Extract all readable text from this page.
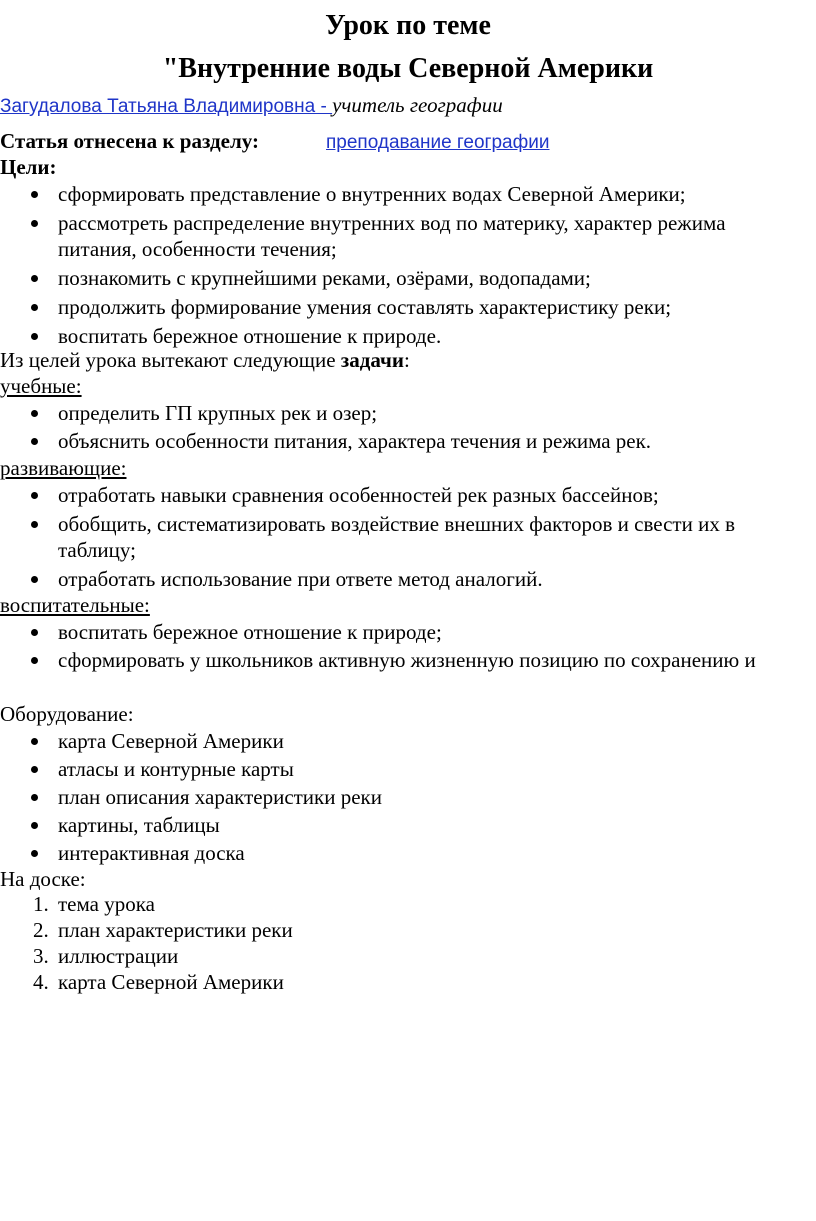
Урок по теме
"Внутренние воды Северной Америки
Загудалова Татьяна Владимировна - учитель географии
Статья отнесена к разделу:	преподавание географии
Цели:
сформировать представление о внутренних водах Северной Америки;
рассмотреть распределение внутренних вод по материку, характер режима питания, особенности течения;
познакомить с крупнейшими реками, озёрами, водопадами;
продолжить формирование умения составлять характеристику реки;
воспитать бережное отношение к природе.
Из целей урока вытекают следующие задачи:
учебные:
определить ГП крупных рек и озер;
объяснить особенности питания, характера течения и режима рек.
развивающие:
отработать навыки сравнения особенностей рек разных бассейнов;
обобщить, систематизировать воздействие внешних факторов и свести их в таблицу;
отработать использование при ответе метод аналогий.
воспитательные:
воспитать бережное отношение к природе;
сформировать у школьников активную жизненную позицию по сохранению и
Оборудование:
карта Северной Америки
атласы и контурные карты
план описания характеристики реки
картины, таблицы
интерактивная доска
На доске:
1. тема урока
2. план характеристики реки
3. иллюстрации
4. карта Северной Америки
